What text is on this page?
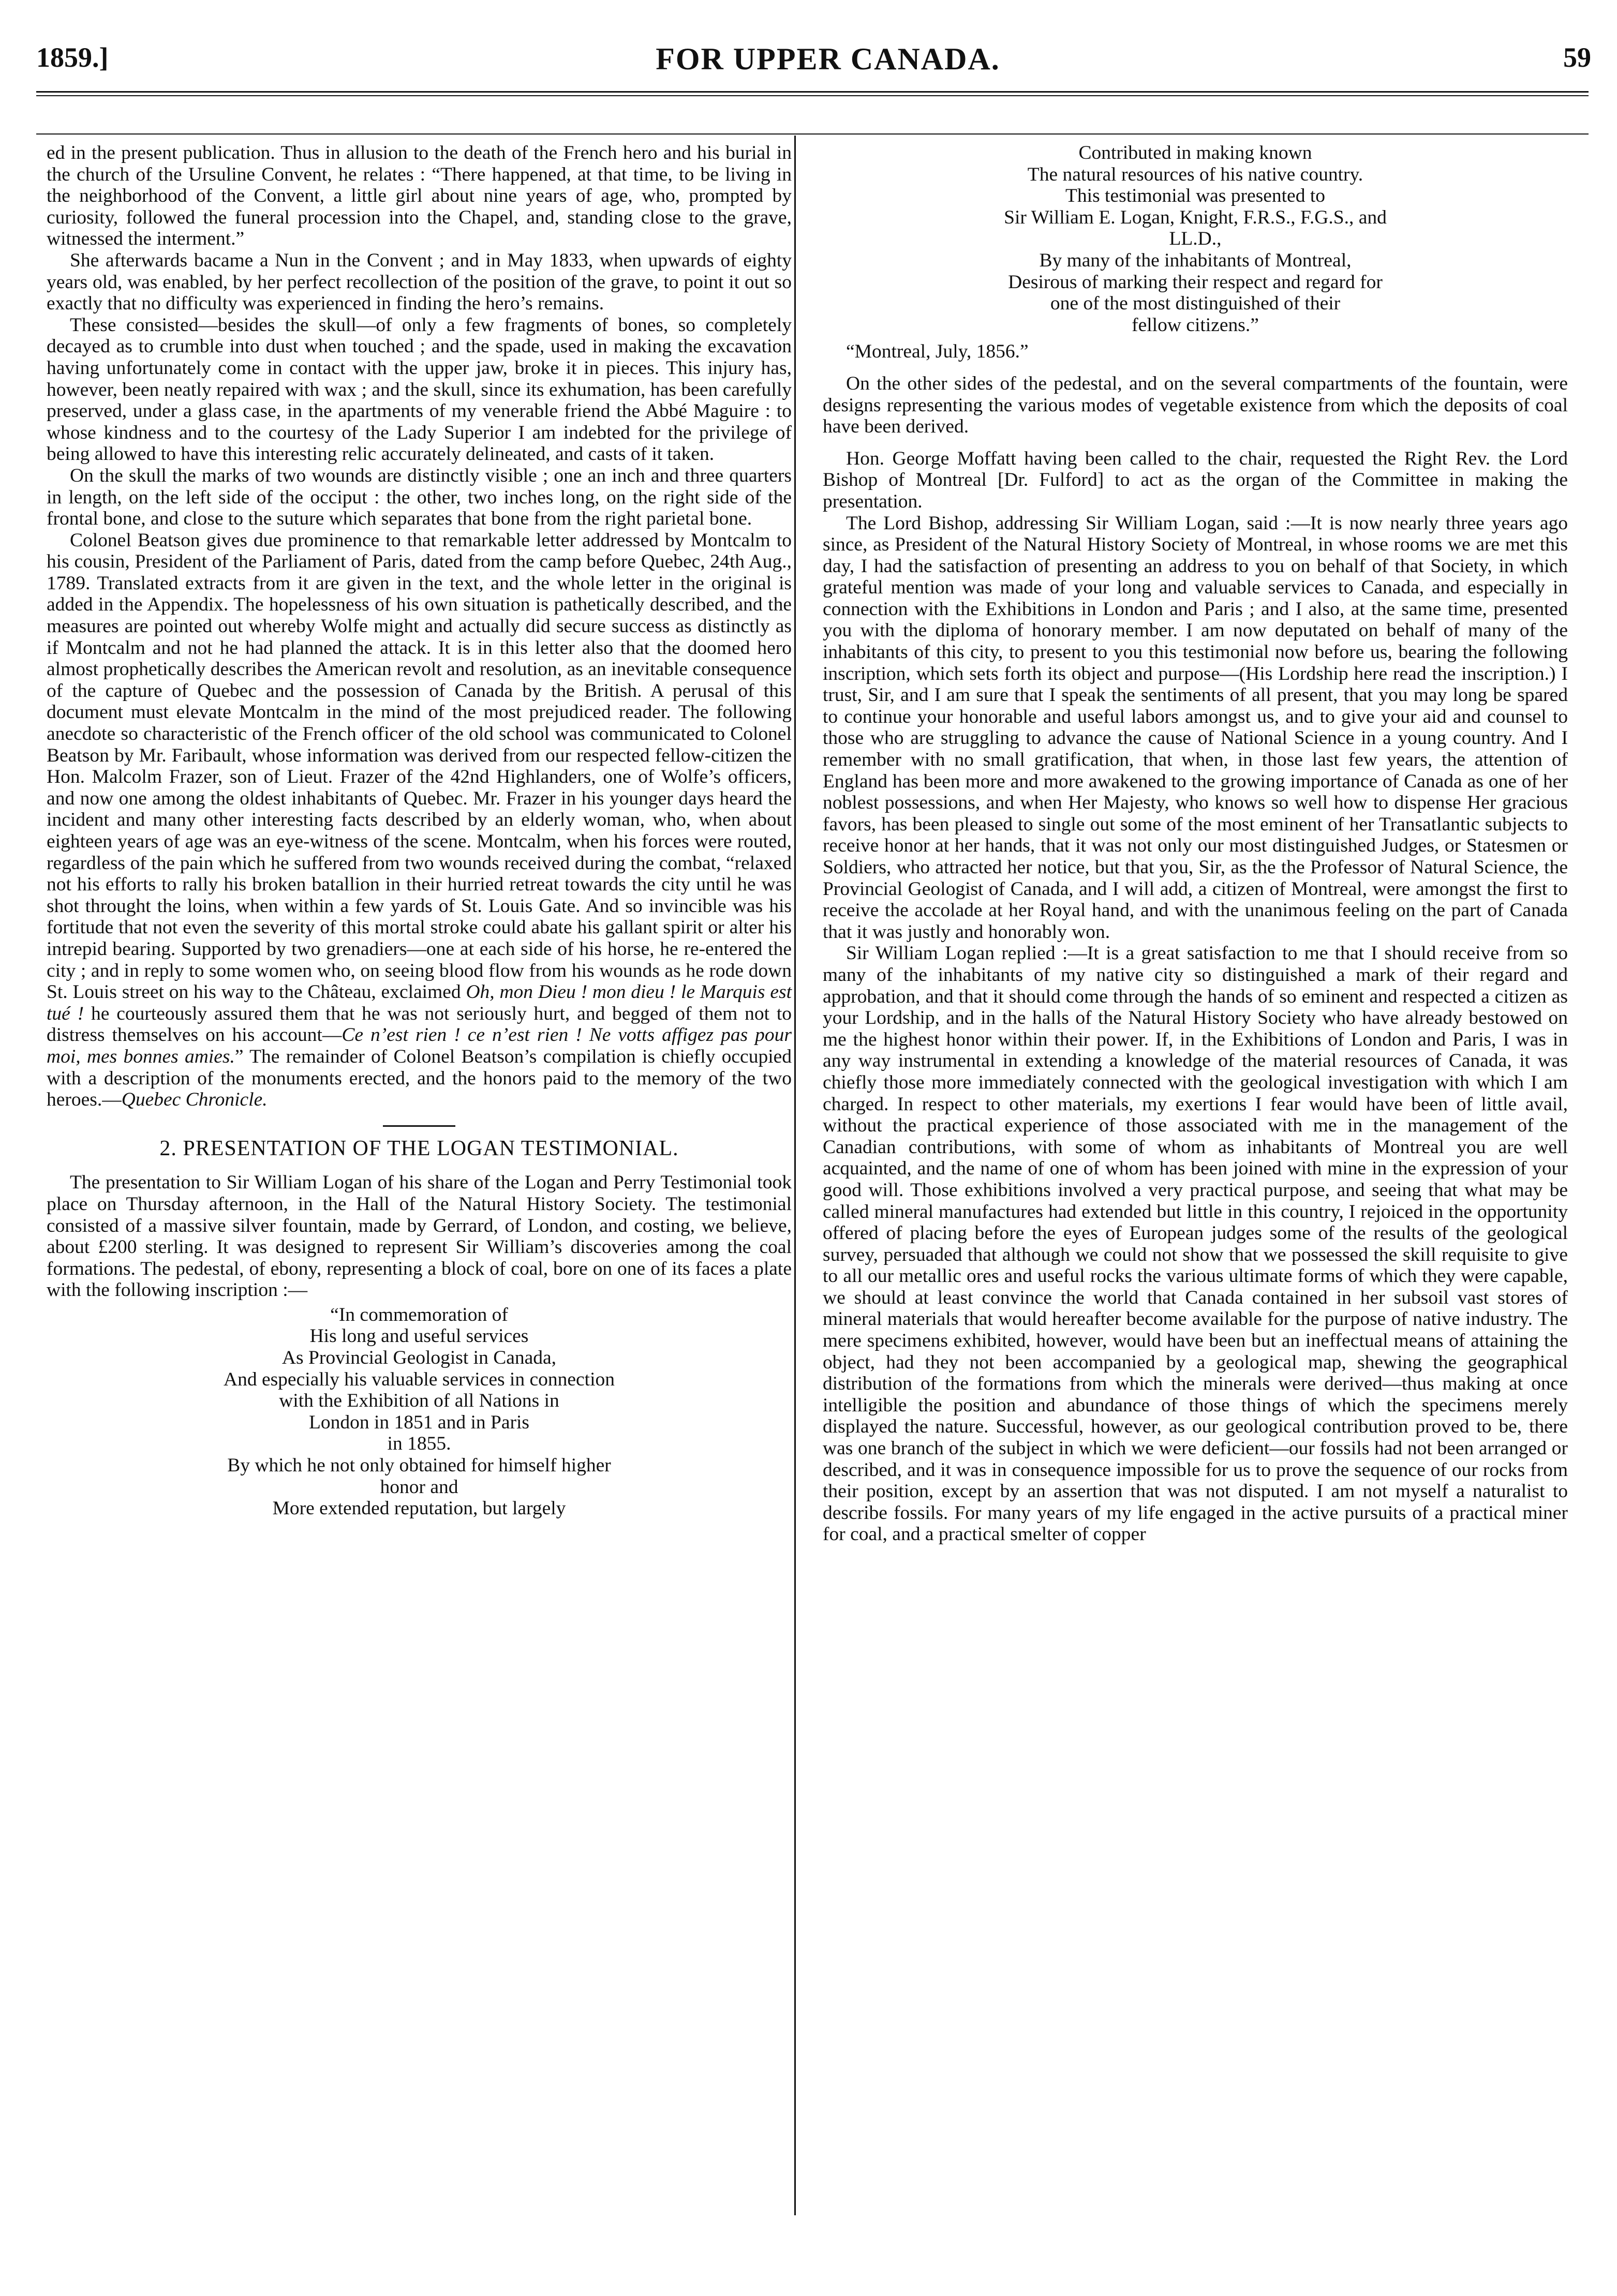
1859.]	FOR UPPER CANADA.	59

ed in the present publication. Thus in allusion to the death of the French hero and his burial in the church of the Ursuline Convent, he relates : “There happened, at that time, to be living in the neighborhood of the Convent, a little girl about nine years of age, who, prompted by curiosity, followed the funeral procession into the Chapel, and, standing close to the grave, witnessed the interment.”

She afterwards bacame a Nun in the Convent ; and in May 1833, when upwards of eighty years old, was enabled, by her perfect recollection of the position of the grave, to point it out so exactly that no difficulty was experienced in finding the hero’s remains.

These consisted—besides the skull—of only a few fragments of bones, so completely decayed as to crumble into dust when touched ; and the spade, used in making the excavation having unfortunately come in contact with the upper jaw, broke it in pieces. This injury has, however, been neatly repaired with wax ; and the skull, since its exhumation, has been carefully preserved, under a glass case, in the apartments of my venerable friend the Abbé Maguire : to whose kindness and to the courtesy of the Lady Superior I am indebted for the privilege of being allowed to have this interesting relic accurately delineated, and casts of it taken.

On the skull the marks of two wounds are distinctly visible ; one an inch and three quarters in length, on the left side of the occiput : the other, two inches long, on the right side of the frontal bone, and close to the suture which separates that bone from the right parietal bone.

Colonel Beatson gives due prominence to that remarkable letter addressed by Montcalm to his cousin, President of the Parliament of Paris, dated from the camp before Quebec, 24th Aug., 1789. Translated extracts from it are given in the text, and the whole letter in the original is added in the Appendix. The hopelessness of his own situation is pathetically described, and the measures are pointed out whereby Wolfe might and actually did secure success as distinctly as if Montcalm and not he had planned the attack. It is in this letter also that the doomed hero almost prophetically describes the American revolt and resolution, as an inevitable consequence of the capture of Quebec and the possession of Canada by the British. A perusal of this document must elevate Montcalm in the mind of the most prejudiced reader. The following anecdote so characteristic of the French officer of the old school was communicated to Colonel Beatson by Mr. Faribault, whose information was derived from our respected fellow-citizen the Hon. Malcolm Frazer, son of Lieut. Frazer of the 42nd Highlanders, one of Wolfe’s officers, and now one among the oldest inhabitants of Quebec. Mr. Frazer in his younger days heard the incident and many other interesting facts described by an elderly woman, who, when about eighteen years of age was an eye-witness of the scene. Montcalm, when his forces were routed, regardless of the pain which he suffered from two wounds received during the combat, “relaxed not his efforts to rally his broken batallion in their hurried retreat towards the city until he was shot throught the loins, when within a few yards of St. Louis Gate. And so invincible was his fortitude that not even the severity of this mortal stroke could abate his gallant spirit or alter his intrepid bearing. Supported by two grenadiers—one at each side of his horse, he re-entered the city ; and in reply to some women who, on seeing blood flow from his wounds as he rode down St. Louis street on his way to the Château, exclaimed Oh, mon Dieu ! mon dieu ! le Marquis est tué ! he courteously assured them that he was not seriously hurt, and begged of them not to distress themselves on his account—Ce n’est rien ! ce n’est rien ! Ne votts affigez pas pour moi, mes bonnes amies.” The remainder of Colonel Beatson’s compilation is chiefly occupied with a description of the monuments erected, and the honors paid to the memory of the two heroes.—Quebec Chronicle.

2. PRESENTATION OF THE LOGAN TESTIMONIAL.

The presentation to Sir William Logan of his share of the Logan and Perry Testimonial took place on Thursday afternoon, in the Hall of the Natural History Society. The testimonial consisted of a massive silver fountain, made by Gerrard, of London, and costing, we believe, about £200 sterling. It was designed to represent Sir William’s discoveries among the coal formations. The pedestal, of ebony, representing a block of coal, bore on one of its faces a plate with the following inscription :—

“In commemoration of
His long and useful services
As Provincial Geologist in Canada,
And especially his valuable services in connection
with the Exhibition of all Nations in
London in 1851 and in Paris
in 1855.
By which he not only obtained for himself higher
honor and
More extended reputation, but largely
Contributed in making known
The natural resources of his native country.
This testimonial was presented to
Sir William E. Logan, Knight, F.R.S., F.G.S., and
LL.D.,
By many of the inhabitants of Montreal,
Desirous of marking their respect and regard for
one of the most distinguished of their
fellow citizens.”

“Montreal, July, 1856.”

On the other sides of the pedestal, and on the several compartments of the fountain, were designs representing the various modes of vegetable existence from which the deposits of coal have been derived.

Hon. George Moffatt having been called to the chair, requested the Right Rev. the Lord Bishop of Montreal [Dr. Fulford] to act as the organ of the Committee in making the presentation.

The Lord Bishop, addressing Sir William Logan, said :—It is now nearly three years ago since, as President of the Natural History Society of Montreal, in whose rooms we are met this day, I had the satisfaction of presenting an address to you on behalf of that Society, in which grateful mention was made of your long and valuable services to Canada, and especially in connection with the Exhibitions in London and Paris ; and I also, at the same time, presented you with the diploma of honorary member. I am now deputated on behalf of many of the inhabitants of this city, to present to you this testimonial now before us, bearing the following inscription, which sets forth its object and purpose—(His Lordship here read the inscription.) I trust, Sir, and I am sure that I speak the sentiments of all present, that you may long be spared to continue your honorable and useful labors amongst us, and to give your aid and counsel to those who are struggling to advance the cause of National Science in a young country. And I remember with no small gratification, that when, in those last few years, the attention of England has been more and more awakened to the growing importance of Canada as one of her noblest possessions, and when Her Majesty, who knows so well how to dispense Her gracious favors, has been pleased to single out some of the most eminent of her Transatlantic subjects to receive honor at her hands, that it was not only our most distinguished Judges, or Statesmen or Soldiers, who attracted her notice, but that you, Sir, as the the Professor of Natural Science, the Provincial Geologist of Canada, and I will add, a citizen of Montreal, were amongst the first to receive the accolade at her Royal hand, and with the unanimous feeling on the part of Canada that it was justly and honorably won.

Sir William Logan replied :—It is a great satisfaction to me that I should receive from so many of the inhabitants of my native city so distinguished a mark of their regard and approbation, and that it should come through the hands of so eminent and respected a citizen as your Lordship, and in the halls of the Natural History Society who have already bestowed on me the highest honor within their power. If, in the Exhibitions of London and Paris, I was in any way instrumental in extending a knowledge of the material resources of Canada, it was chiefly those more immediately connected with the geological investigation with which I am charged. In respect to other materials, my exertions I fear would have been of little avail, without the practical experience of those associated with me in the management of the Canadian contributions, with some of whom as inhabitants of Montreal you are well acquainted, and the name of one of whom has been joined with mine in the expression of your good will. Those exhibitions involved a very practical purpose, and seeing that what may be called mineral manufactures had extended but little in this country, I rejoiced in the opportunity offered of placing before the eyes of European judges some of the results of the geological survey, persuaded that although we could not show that we possessed the skill requisite to give to all our metallic ores and useful rocks the various ultimate forms of which they were capable, we should at least convince the world that Canada contained in her subsoil vast stores of mineral materials that would hereafter become available for the purpose of native industry. The mere specimens exhibited, however, would have been but an ineffectual means of attaining the object, had they not been accompanied by a geological map, shewing the geographical distribution of the formations from which the minerals were derived—thus making at once intelligible the position and abundance of those things of which the specimens merely displayed the nature. Successful, however, as our geological contribution proved to be, there was one branch of the subject in which we were deficient—our fossils had not been arranged or described, and it was in consequence impossible for us to prove the sequence of our rocks from their position, except by an assertion that was not disputed. I am not myself a naturalist to describe fossils. For many years of my life engaged in the active pursuits of a practical miner for coal, and a practical smelter of copper
